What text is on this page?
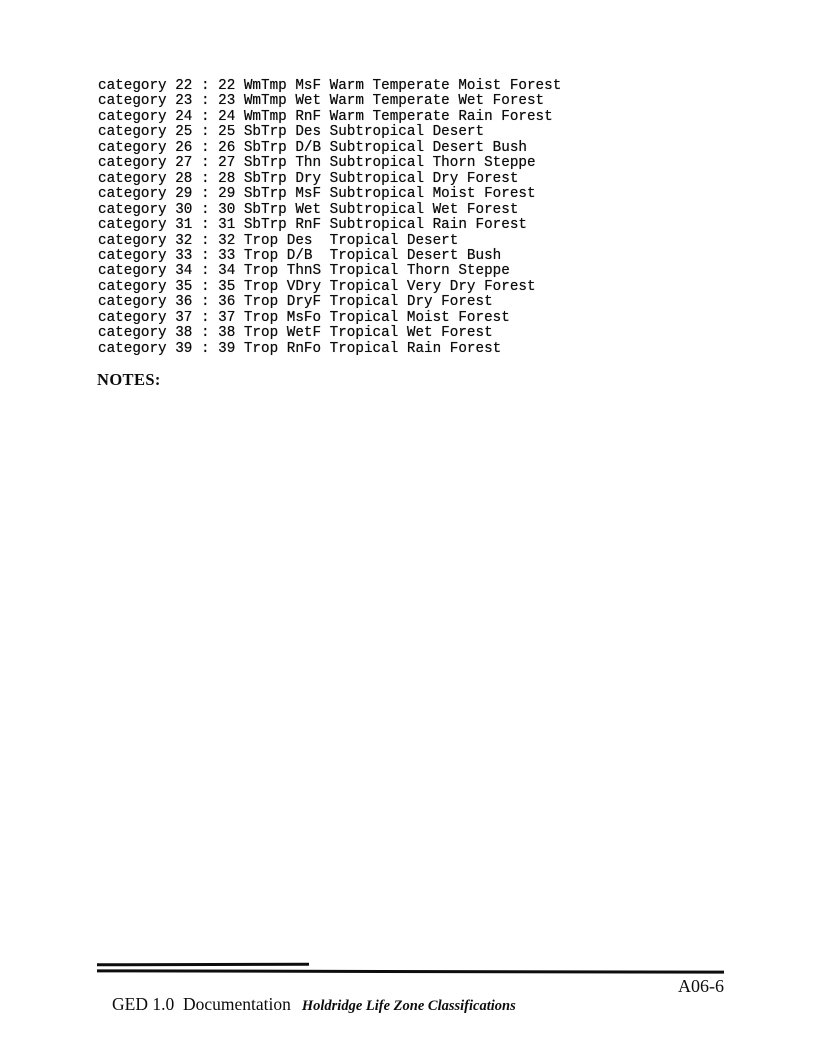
category 22 : 22 WmTmp MsF Warm Temperate Moist Forest
category 23 : 23 WmTmp Wet Warm Temperate Wet Forest
category 24 : 24 WmTmp RnF Warm Temperate Rain Forest
category 25 : 25 SbTrp Des Subtropical Desert
category 26 : 26 SbTrp D/B Subtropical Desert Bush
category 27 : 27 SbTrp Thn Subtropical Thorn Steppe
category 28 : 28 SbTrp Dry Subtropical Dry Forest
category 29 : 29 SbTrp MsF Subtropical Moist Forest
category 30 : 30 SbTrp Wet Subtropical Wet Forest
category 31 : 31 SbTrp RnF Subtropical Rain Forest
category 32 : 32 Trop Des  Tropical Desert
category 33 : 33 Trop D/B  Tropical Desert Bush
category 34 : 34 Trop ThnS Tropical Thorn Steppe
category 35 : 35 Trop VDry Tropical Very Dry Forest
category 36 : 36 Trop DryF Tropical Dry Forest
category 37 : 37 Trop MsFo Tropical Moist Forest
category 38 : 38 Trop WetF Tropical Wet Forest
category 39 : 39 Trop RnFo Tropical Rain Forest
NOTES:

GED 1.0  Documentation Holdridge Life Zone Classifications

A06-6
